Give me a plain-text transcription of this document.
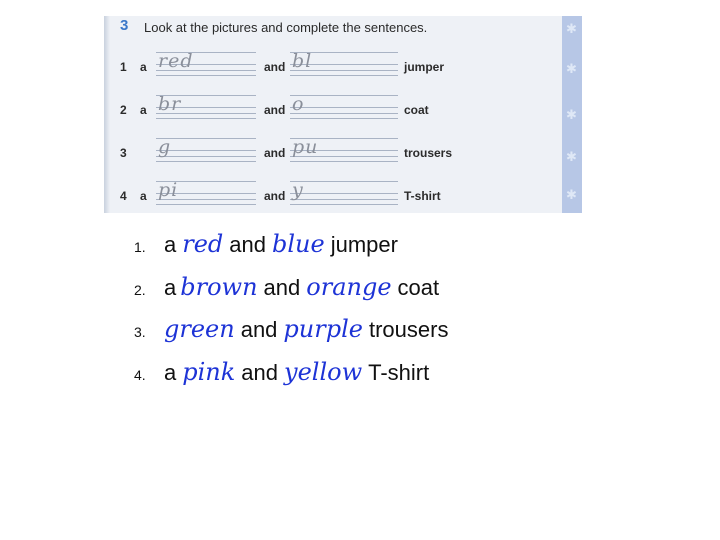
✱
✱
✱
✱
✱
3 Look at the pictures and complete the sentences.
1 a red	and bl	jumper
2 a br	and o	coat
3 g	and pu	trousers
4 a pi	and y	T-shirt
1. a red and blue jumper
2. a brown and orange coat
3. green and purple trousers
4. a pink and yellow T-shirt
